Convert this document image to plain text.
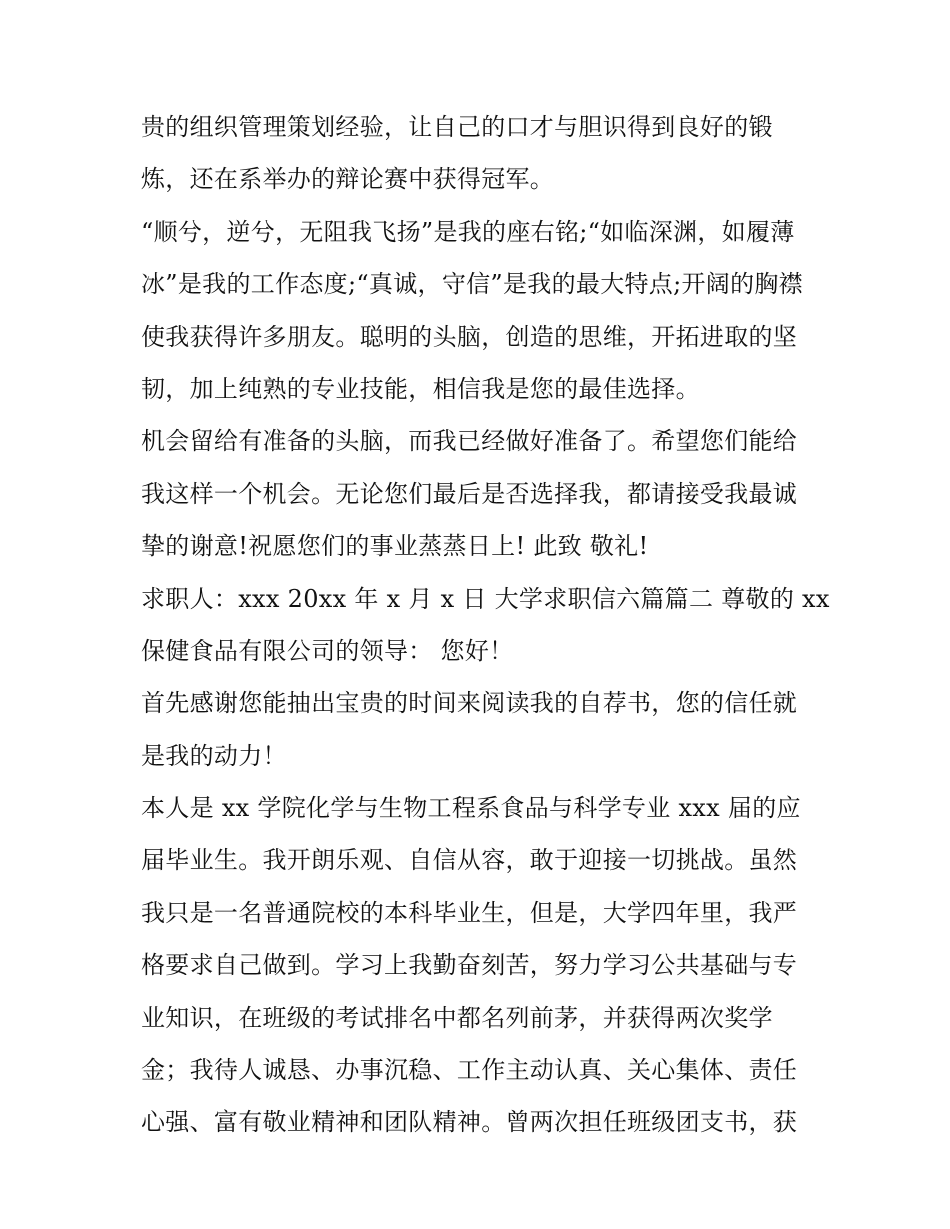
贵的组织管理策划经验，让自己的口才与胆识得到良好的锻
炼，还在系举办的辩论赛中获得冠军。
“顺兮，逆兮，无阻我飞扬”是我的座右铭;“如临深渊，如履薄
冰”是我的工作态度;“真诚，守信”是我的最大特点;开阔的胸襟
使我获得许多朋友。聪明的头脑，创造的思维，开拓进取的坚
韧，加上纯熟的专业技能，相信我是您的最佳选择。
机会留给有准备的头脑，而我已经做好准备了。希望您们能给
我这样一个机会。无论您们最后是否选择我，都请接受我最诚
挚的谢意!祝愿您们的事业蒸蒸日上! 此致 敬礼!
求职人：xxx 20xx 年 x 月 x 日 大学求职信六篇篇二 尊敬的 xx
保健食品有限公司的领导： 您好！
首先感谢您能抽出宝贵的时间来阅读我的自荐书，您的信任就
是我的动力！
本人是 xx 学院化学与生物工程系食品与科学专业 xxx 届的应
届毕业生。我开朗乐观、自信从容，敢于迎接一切挑战。虽然
我只是一名普通院校的本科毕业生，但是，大学四年里，我严
格要求自己做到。学习上我勤奋刻苦，努力学习公共基础与专
业知识，在班级的考试排名中都名列前茅，并获得两次奖学
金；我待人诚恳、办事沉稳、工作主动认真、关心集体、责任
心强、富有敬业精神和团队精神。曾两次担任班级团支书，获
